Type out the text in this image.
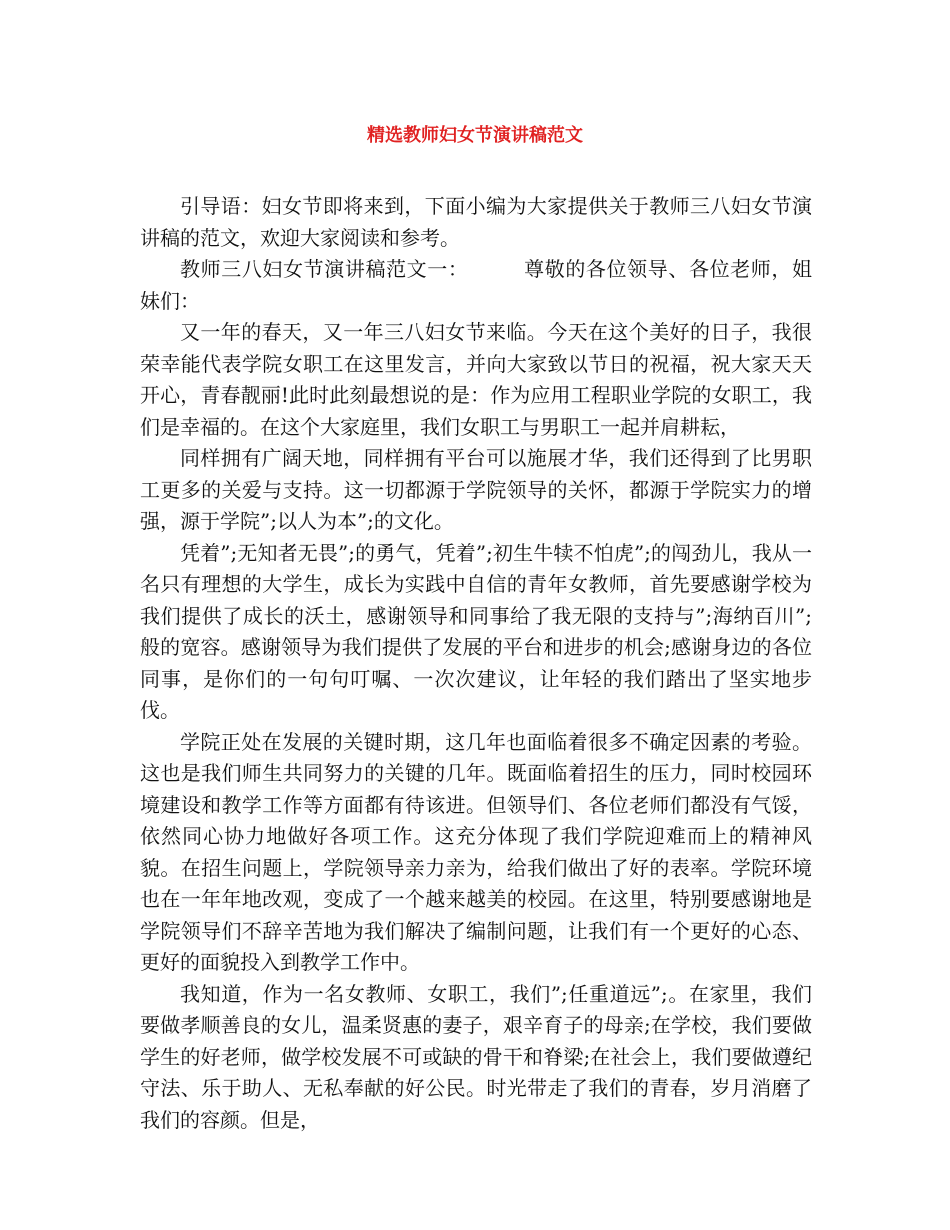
精选教师妇女节演讲稿范文

引导语：妇女节即将来到，下面小编为大家提供关于教师三八妇女节演讲稿的范文，欢迎大家阅读和参考。

教师三八妇女节演讲稿范文一：	尊敬的各位领导、各位老师，姐妹们：

又一年的春天，又一年三八妇女节来临。今天在这个美好的日子，我很荣幸能代表学院女职工在这里发言，并向大家致以节日的祝福，祝大家天天开心，青春靓丽!此时此刻最想说的是：作为应用工程职业学院的女职工，我们是幸福的。在这个大家庭里，我们女职工与男职工一起并肩耕耘，

同样拥有广阔天地，同样拥有平台可以施展才华，我们还得到了比男职工更多的关爱与支持。这一切都源于学院领导的关怀，都源于学院实力的增强，源于学院”;以人为本”;的文化。

凭着”;无知者无畏”;的勇气，凭着”;初生牛犊不怕虎”;的闯劲儿，我从一名只有理想的大学生，成长为实践中自信的青年女教师，首先要感谢学校为我们提供了成长的沃土，感谢领导和同事给了我无限的支持与”;海纳百川”;般的宽容。感谢领导为我们提供了发展的平台和进步的机会;感谢身边的各位同事，是你们的一句句叮嘱、一次次建议，让年轻的我们踏出了坚实地步伐。

学院正处在发展的关键时期，这几年也面临着很多不确定因素的考验。这也是我们师生共同努力的关键的几年。既面临着招生的压力，同时校园环境建设和教学工作等方面都有待该进。但领导们、各位老师们都没有气馁，依然同心协力地做好各项工作。这充分体现了我们学院迎难而上的精神风貌。在招生问题上，学院领导亲力亲为，给我们做出了好的表率。学院环境也在一年年地改观，变成了一个越来越美的校园。在这里，特别要感谢地是学院领导们不辞辛苦地为我们解决了编制问题，让我们有一个更好的心态、更好的面貌投入到教学工作中。

我知道，作为一名女教师、女职工，我们”;任重道远”;。在家里，我们要做孝顺善良的女儿，温柔贤惠的妻子，艰辛育子的母亲;在学校，我们要做学生的好老师，做学校发展不可或缺的骨干和脊梁;在社会上，我们要做遵纪守法、乐于助人、无私奉献的好公民。时光带走了我们的青春，岁月消磨了我们的容颜。但是，
